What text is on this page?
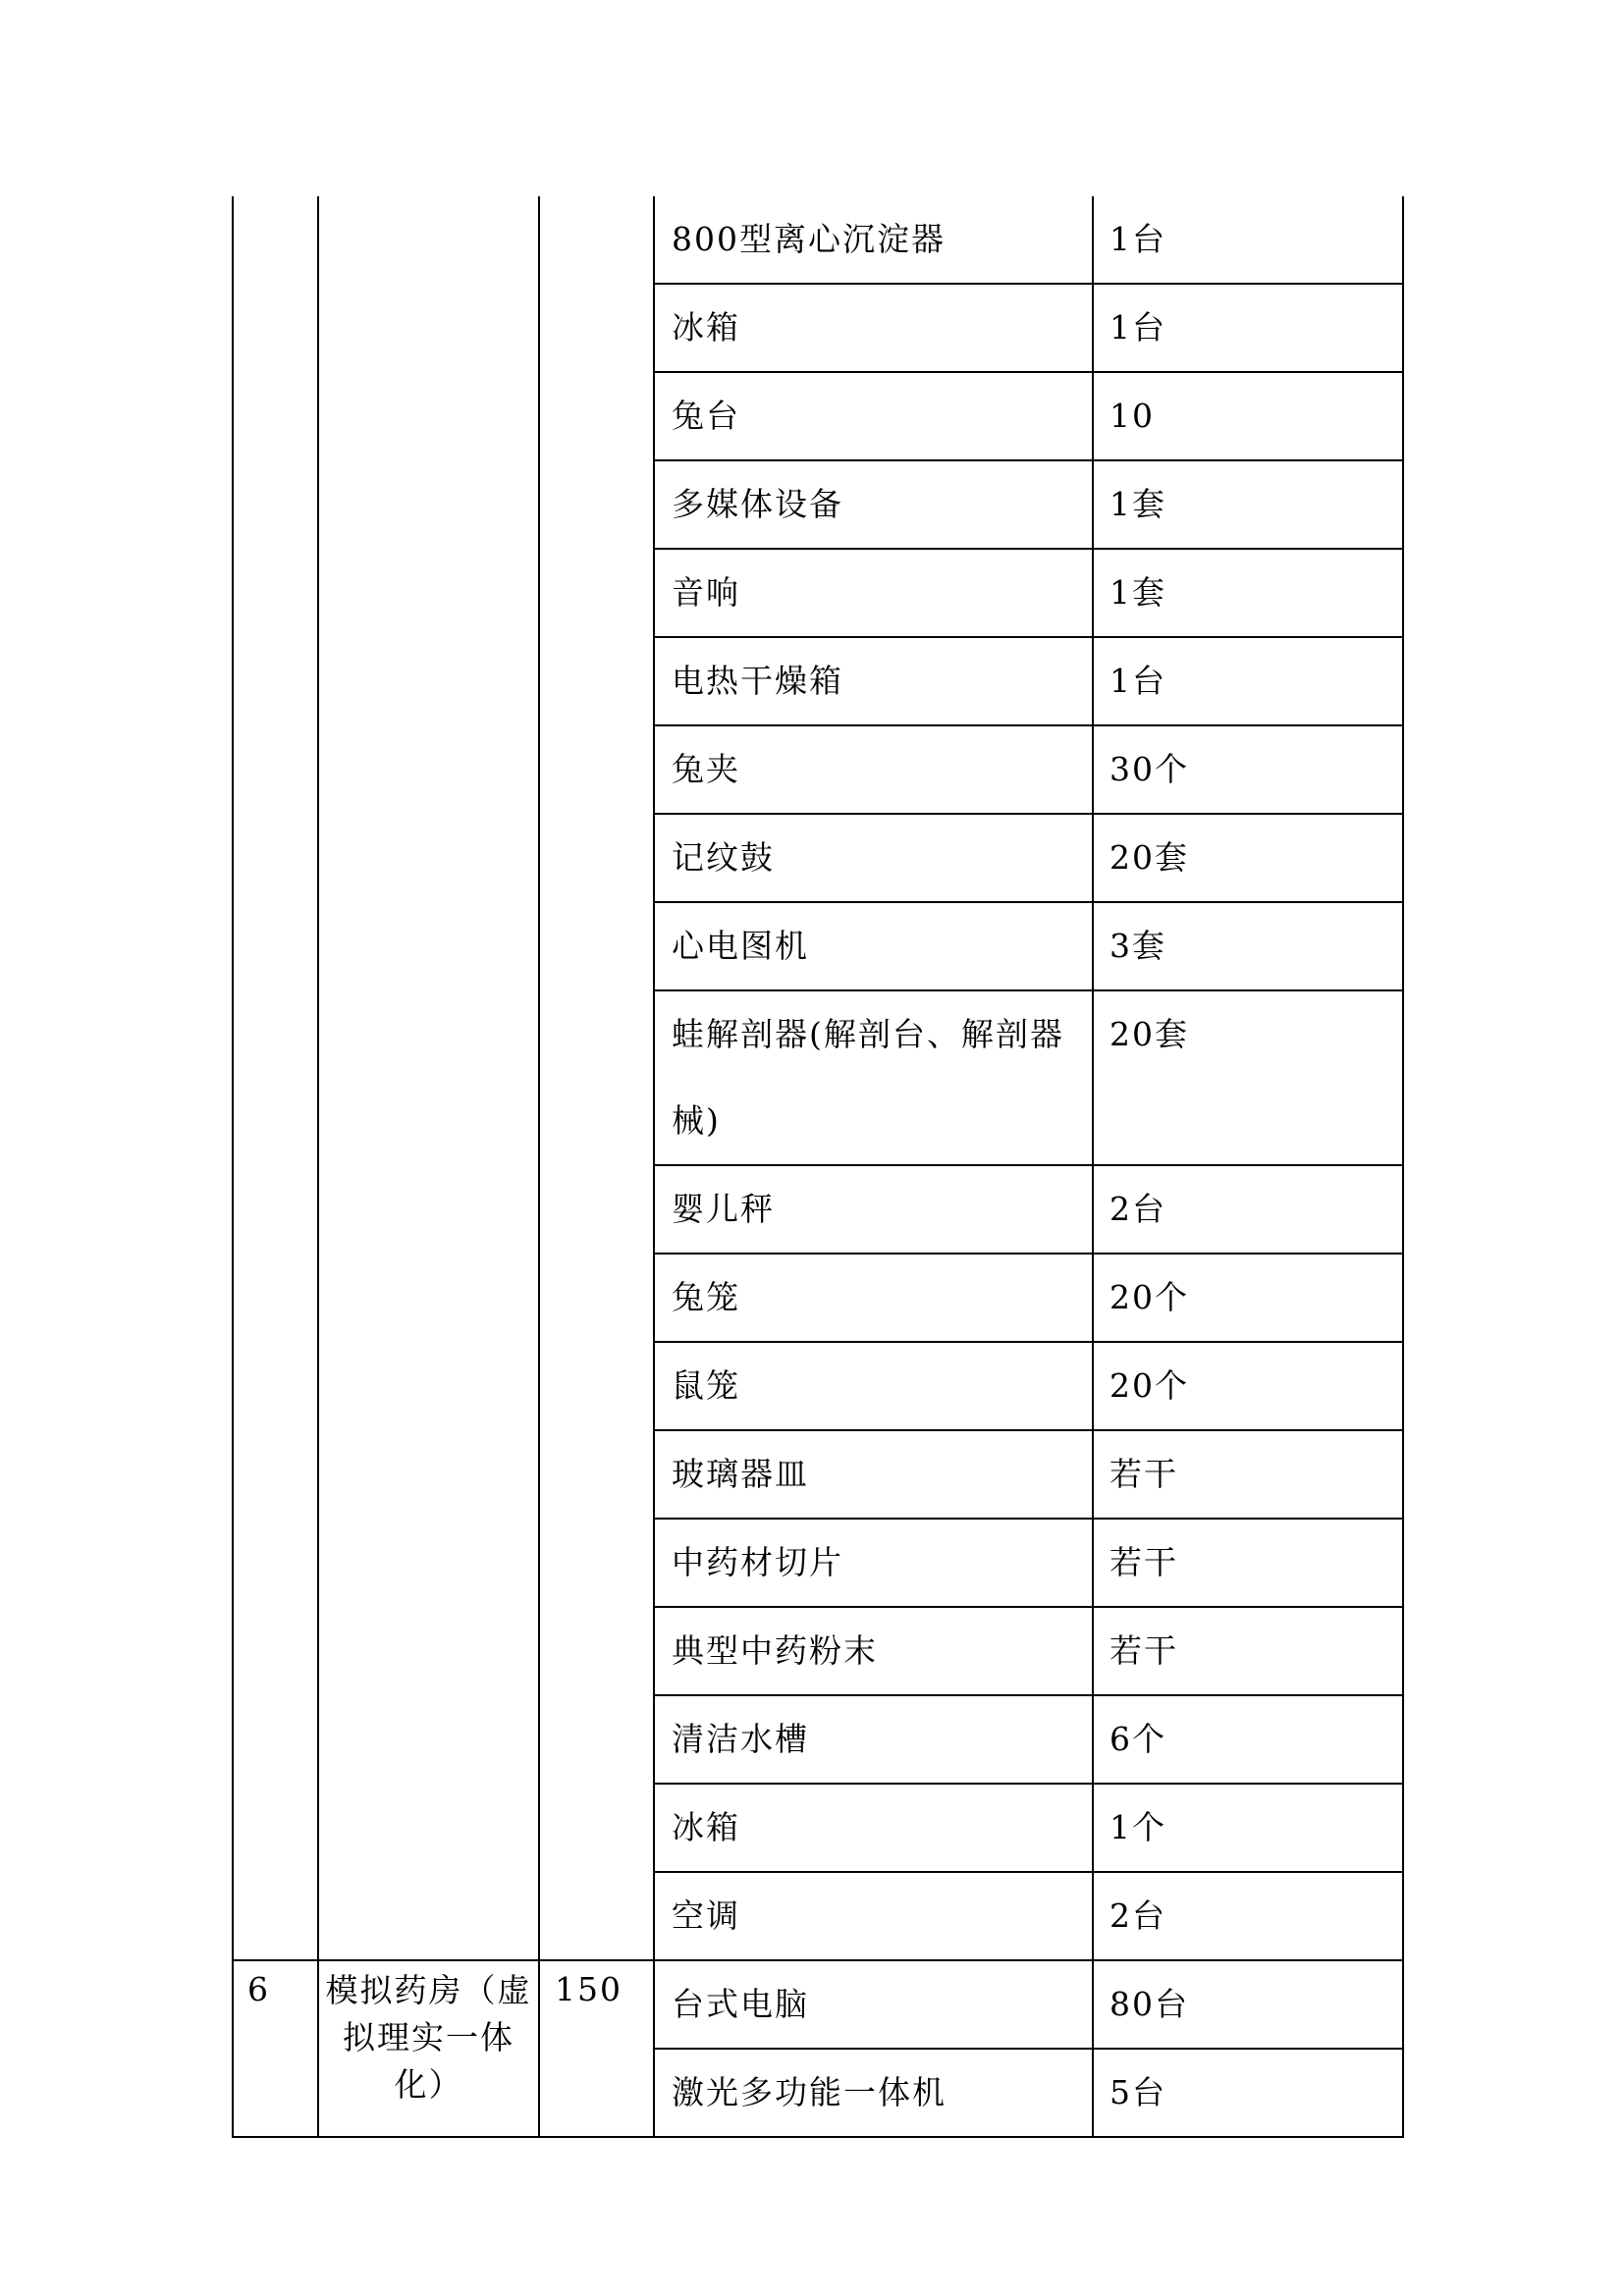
			800型离心沉淀器	1台
			冰箱	1台
			兔台	10
			多媒体设备	1套
			音响	1套
			电热干燥箱	1台
			兔夹	30个
			记纹鼓	20套
			心电图机	3套
			蛙解剖器(解剖台、解剖器械)	20套
			婴儿秤	2台
			兔笼	20个
			鼠笼	20个
			玻璃器皿	若干
			中药材切片	若干
			典型中药粉末	若干
			清洁水槽	6个
			冰箱	1个
			空调	2台
6	模拟药房（虚拟理实一体化）	150	台式电脑	80台
			激光多功能一体机	5台
